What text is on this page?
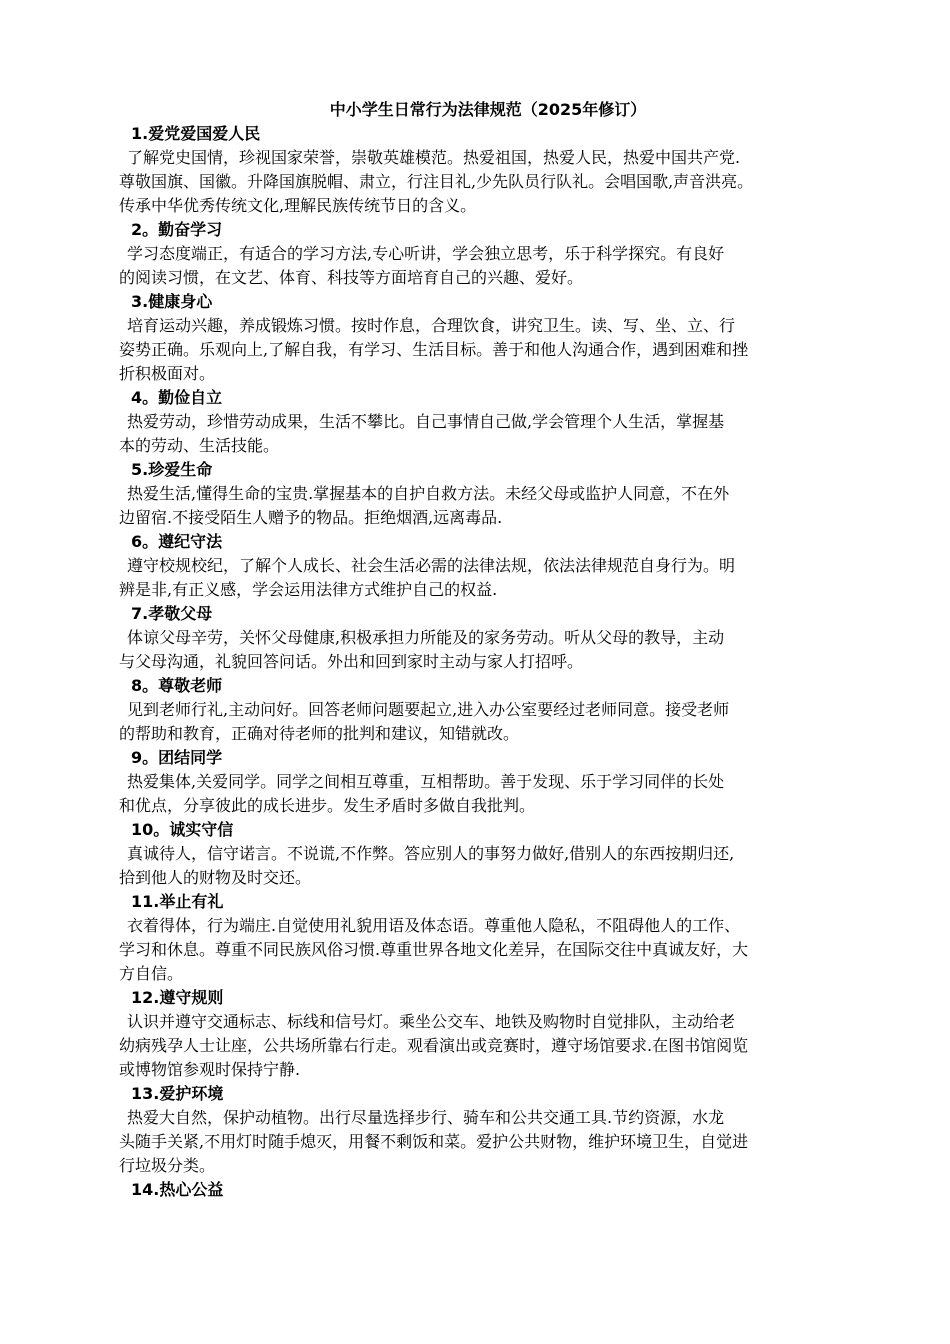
中小学生日常行为法律规范（2025年修订）
1.爱党爱国爱人民
了解党史国情，珍视国家荣誉，崇敬英雄模范。热爱祖国，热爱人民，热爱中国共产党.
尊敬国旗、国徽。升降国旗脱帽、肃立，行注目礼,少先队员行队礼。会唱国歌,声音洪亮。
传承中华优秀传统文化,理解民族传统节日的含义。
2。勤奋学习
学习态度端正，有适合的学习方法,专心听讲，学会独立思考，乐于科学探究。有良好
的阅读习惯，在文艺、体育、科技等方面培育自己的兴趣、爱好。
3.健康身心
培育运动兴趣，养成锻炼习惯。按时作息，合理饮食，讲究卫生。读、写、坐、立、行
姿势正确。乐观向上,了解自我，有学习、生活目标。善于和他人沟通合作，遇到困难和挫
折积极面对。
4。勤俭自立
热爱劳动，珍惜劳动成果，生活不攀比。自己事情自己做,学会管理个人生活，掌握基
本的劳动、生活技能。
5.珍爱生命
热爱生活,懂得生命的宝贵.掌握基本的自护自救方法。未经父母或监护人同意，不在外
边留宿.不接受陌生人赠予的物品。拒绝烟酒,远离毒品.
6。遵纪守法
遵守校规校纪，了解个人成长、社会生活必需的法律法规，依法法律规范自身行为。明
辨是非,有正义感，学会运用法律方式维护自己的权益.
7.孝敬父母
体谅父母辛劳，关怀父母健康,积极承担力所能及的家务劳动。听从父母的教导，主动
与父母沟通，礼貌回答问话。外出和回到家时主动与家人打招呼。
8。尊敬老师
见到老师行礼,主动问好。回答老师问题要起立,进入办公室要经过老师同意。接受老师
的帮助和教育，正确对待老师的批判和建议，知错就改。
9。团结同学
热爱集体,关爱同学。同学之间相互尊重，互相帮助。善于发现、乐于学习同伴的长处
和优点，分享彼此的成长进步。发生矛盾时多做自我批判。
10。诚实守信
真诚待人，信守诺言。不说谎,不作弊。答应别人的事努力做好,借别人的东西按期归还,
拾到他人的财物及时交还。
11.举止有礼
衣着得体，行为端庄.自觉使用礼貌用语及体态语。尊重他人隐私，不阻碍他人的工作、
学习和休息。尊重不同民族风俗习惯.尊重世界各地文化差异，在国际交往中真诚友好，大
方自信。
12.遵守规则
认识并遵守交通标志、标线和信号灯。乘坐公交车、地铁及购物时自觉排队，主动给老
幼病残孕人士让座，公共场所靠右行走。观看演出或竞赛时，遵守场馆要求.在图书馆阅览
或博物馆参观时保持宁静.
13.爱护环境
热爱大自然，保护动植物。出行尽量选择步行、骑车和公共交通工具.节约资源，水龙
头随手关紧,不用灯时随手熄灭，用餐不剩饭和菜。爱护公共财物，维护环境卫生，自觉进
行垃圾分类。
14.热心公益
